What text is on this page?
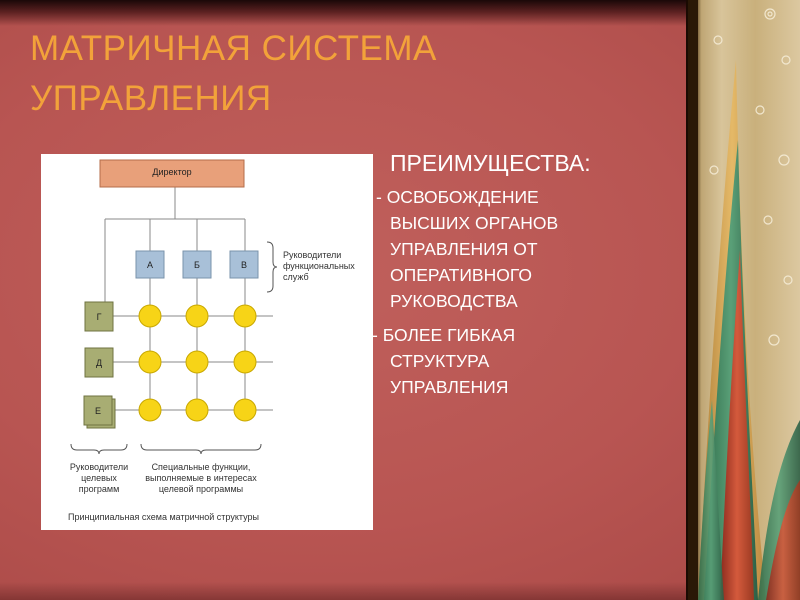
МАТРИЧНАЯ СИСТЕМА
УПРАВЛЕНИЯ
Директор
А	Б	В
Г
Д
Е
Руководители
функциональных
служб
Руководители
целевых
программ
Специальные функции,
выполняемые в интересах
целевой программы
Принципиальная схема матричной структуры
ПРЕИМУЩЕСТВА:
- ОСВОБОЖДЕНИЕ
ВЫСШИХ ОРГАНОВ
УПРАВЛЕНИЯ ОТ
ОПЕРАТИВНОГО
РУКОВОДСТВА
- БОЛЕЕ ГИБКАЯ
СТРУКТУРА
УПРАВЛЕНИЯ
